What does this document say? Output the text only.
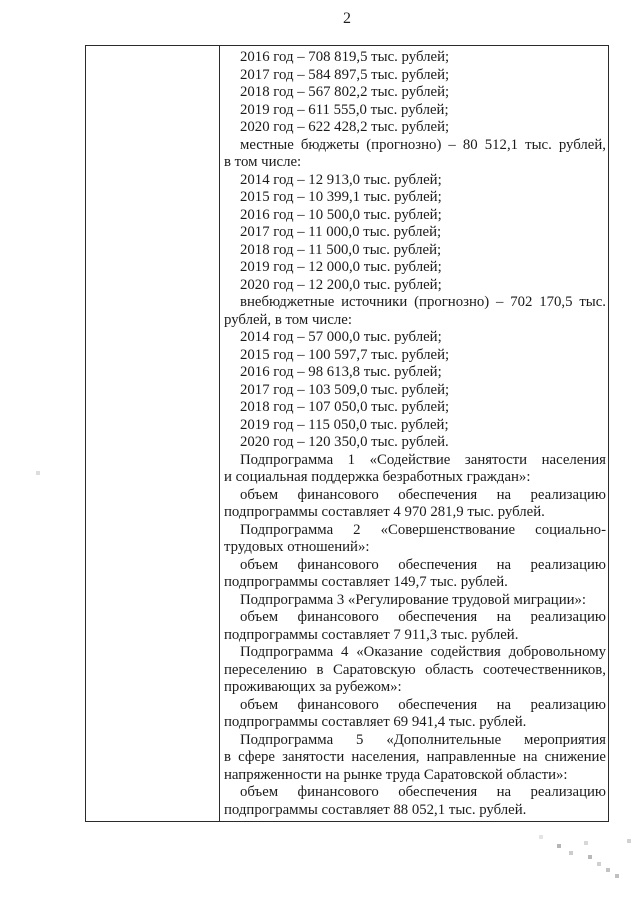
2
2016 год – 708 819,5 тыс. рублей;
2017 год – 584 897,5 тыс. рублей;
2018 год – 567 802,2 тыс. рублей;
2019 год – 611 555,0 тыс. рублей;
2020 год – 622 428,2 тыс. рублей;
местные бюджеты (прогнозно) – 80 512,1 тыс. рублей,
в том числе:
2014 год – 12 913,0 тыс. рублей;
2015 год – 10 399,1 тыс. рублей;
2016 год – 10 500,0 тыс. рублей;
2017 год – 11 000,0 тыс. рублей;
2018 год – 11 500,0 тыс. рублей;
2019 год – 12 000,0 тыс. рублей;
2020 год – 12 200,0 тыс. рублей;
внебюджетные источники (прогнозно) – 702 170,5 тыс.
рублей, в том числе:
2014 год – 57 000,0 тыс. рублей;
2015 год – 100 597,7 тыс. рублей;
2016 год – 98 613,8 тыс. рублей;
2017 год – 103 509,0 тыс. рублей;
2018 год – 107 050,0 тыс. рублей;
2019 год – 115 050,0 тыс. рублей;
2020 год – 120 350,0 тыс. рублей.
Подпрограмма 1 «Содействие занятости населения
и социальная поддержка безработных граждан»:
объем финансового обеспечения на реализацию
подпрограммы составляет 4 970 281,9 тыс. рублей.
Подпрограмма 2 «Совершенствование социально-
трудовых отношений»:
объем финансового обеспечения на реализацию
подпрограммы составляет 149,7 тыс. рублей.
Подпрограмма 3 «Регулирование трудовой миграции»:
объем финансового обеспечения на реализацию
подпрограммы составляет 7 911,3 тыс. рублей.
Подпрограмма 4 «Оказание содействия добровольному
переселению в Саратовскую область соотечественников,
проживающих за рубежом»:
объем финансового обеспечения на реализацию
подпрограммы составляет 69 941,4 тыс. рублей.
Подпрограмма 5 «Дополнительные мероприятия
в сфере занятости населения, направленные на снижение
напряженности на рынке труда Саратовской области»:
объем финансового обеспечения на реализацию
подпрограммы составляет 88 052,1 тыс. рублей.
